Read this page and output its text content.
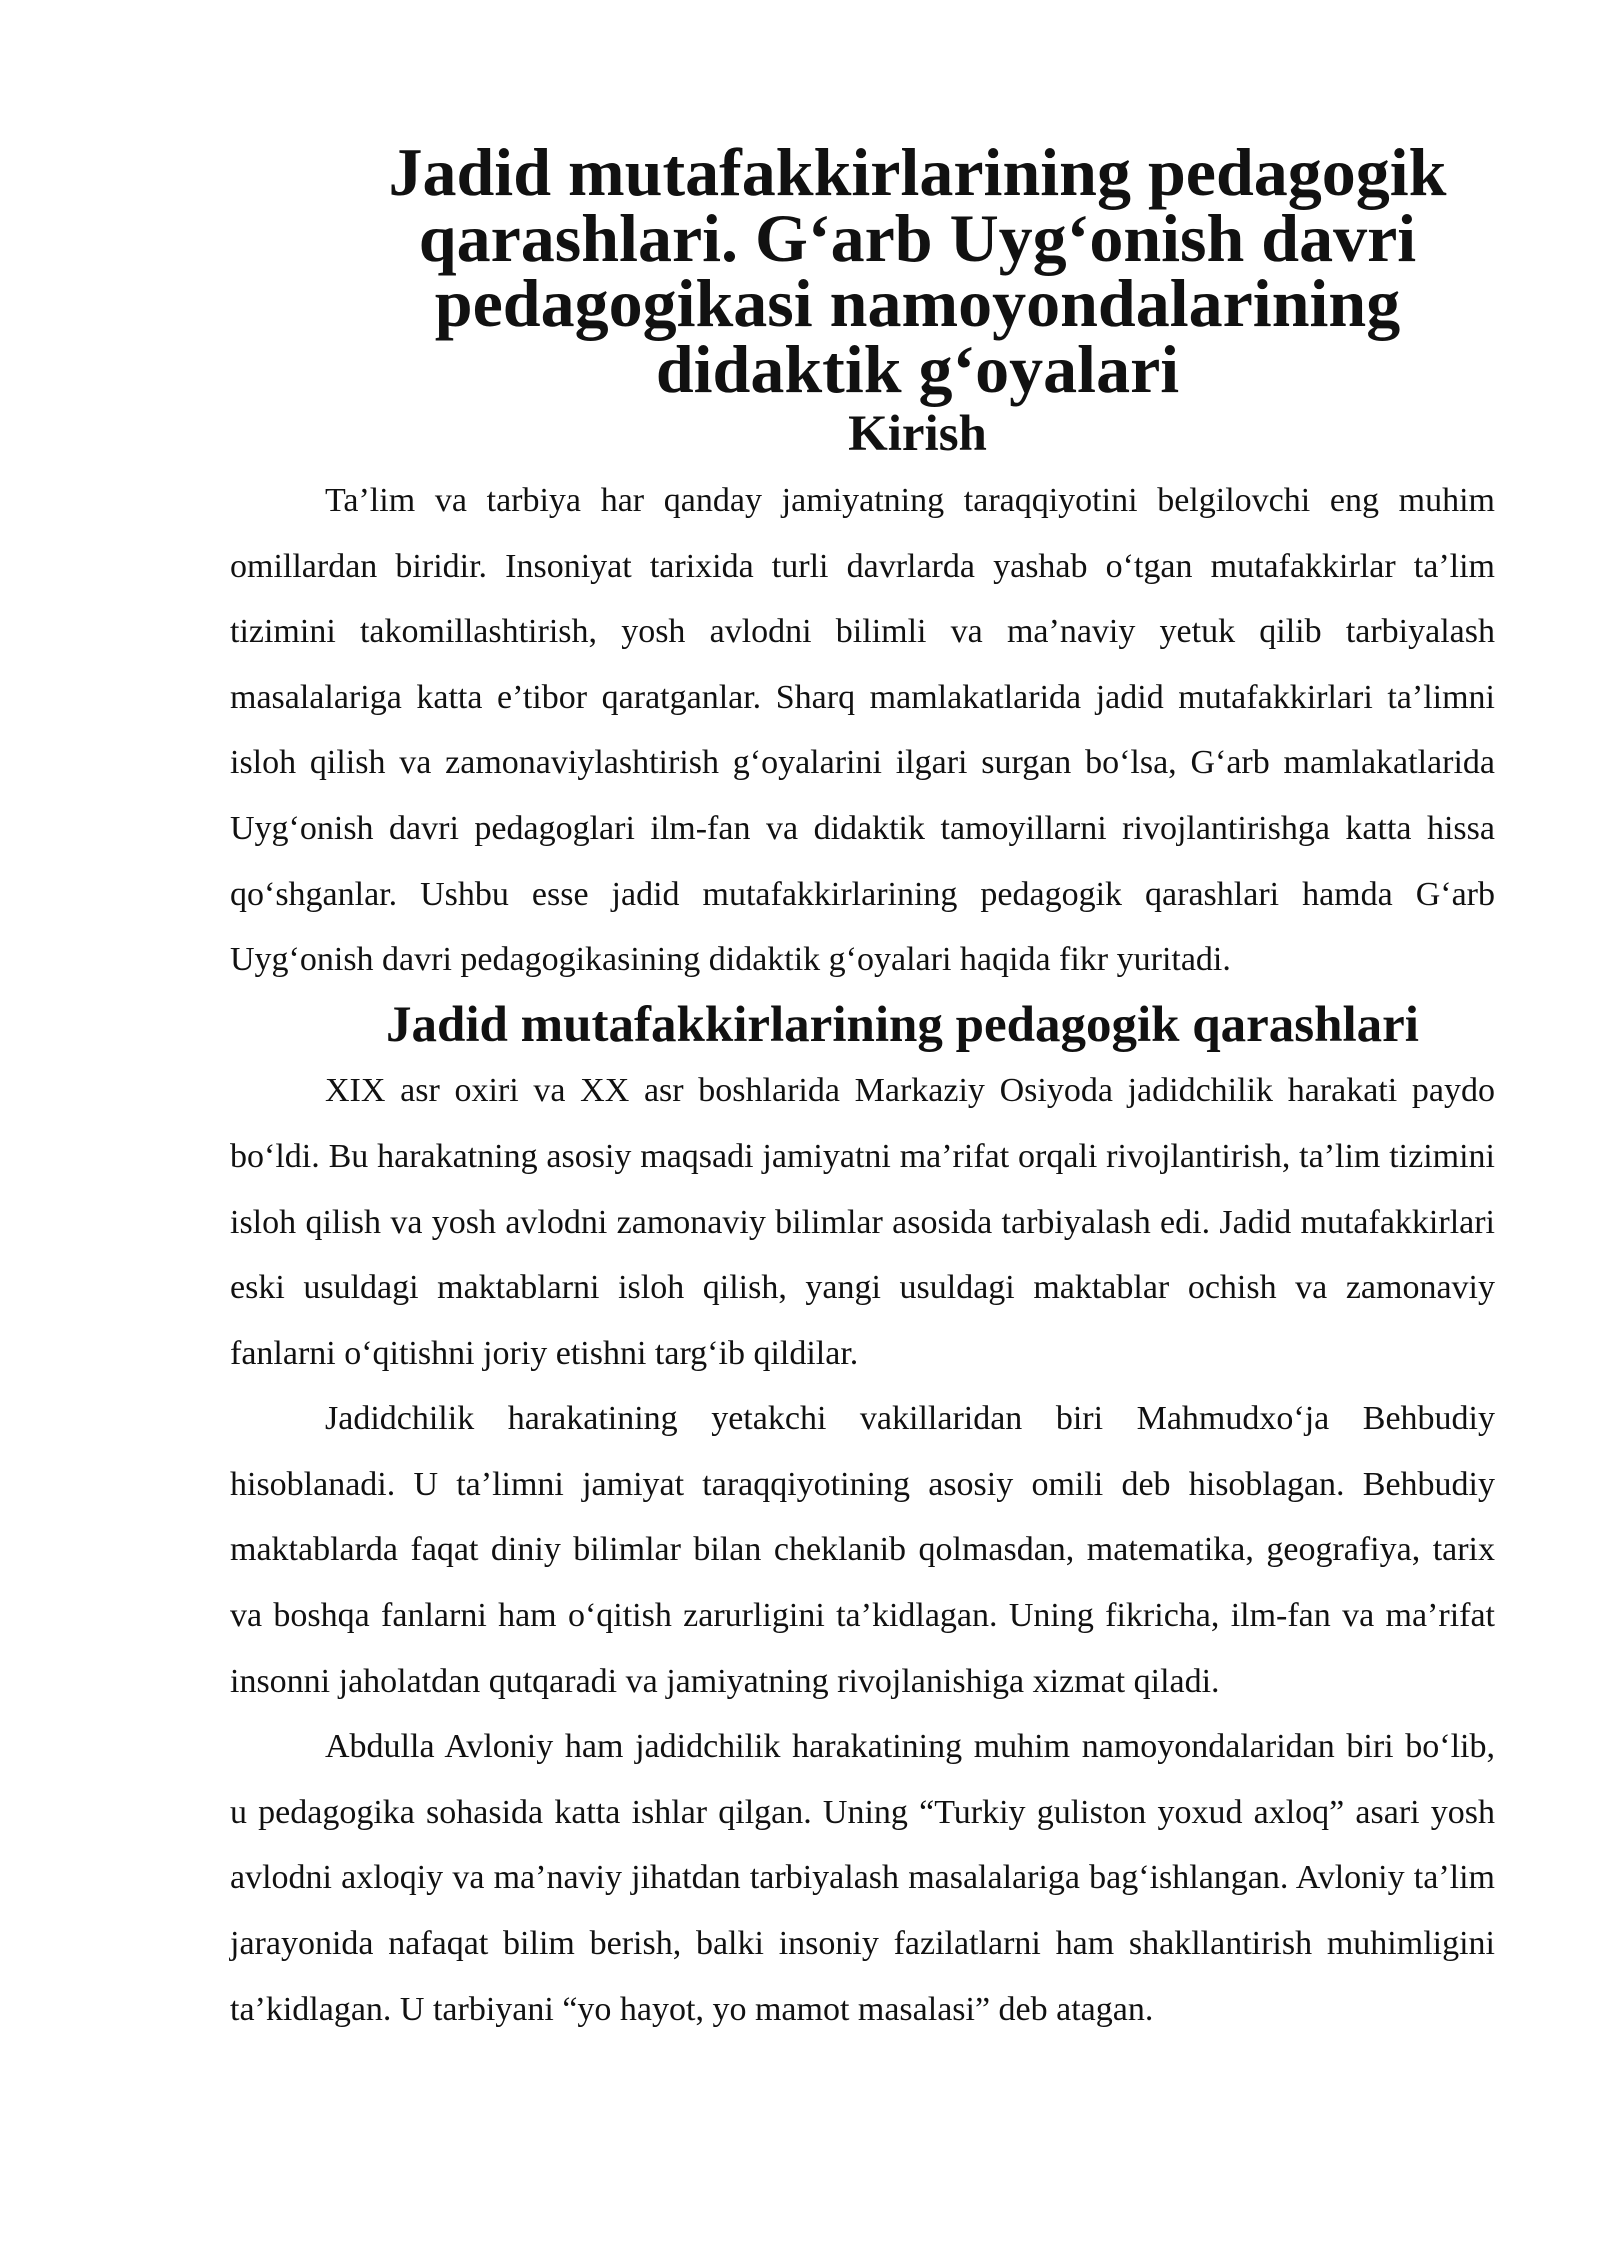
Jadid mutafakkirlarining pedagogik qarashlari. G‘arb Uyg‘onish davri
pedagogikasi namoyondalarining didaktik g‘oyalari
Kirish

Ta’lim va tarbiya har qanday jamiyatning taraqqiyotini belgilovchi eng muhim omillardan biridir. Insoniyat tarixida turli davrlarda yashab o‘tgan mutafakkirlar ta’lim tizimini takomillashtirish, yosh avlodni bilimli va ma’naviy yetuk qilib tarbiyalash masalalariga katta e’tibor qaratganlar. Sharq mamlakatlarida jadid mutafakkirlari ta’limni isloh qilish va zamonaviylashtirish g‘oyalarini ilgari surgan bo‘lsa, G‘arb mamlakatlarida Uyg‘onish davri pedagoglari ilm-fan va didaktik tamoyillarni rivojlantirishga katta hissa qo‘shganlar. Ushbu esse jadid mutafakkirlarining pedagogik qarashlari hamda G‘arb Uyg‘onish davri pedagogikasining didaktik g‘oyalari haqida fikr yuritadi.

Jadid mutafakkirlarining pedagogik qarashlari

XIX asr oxiri va XX asr boshlarida Markaziy Osiyoda jadidchilik harakati paydo bo‘ldi. Bu harakatning asosiy maqsadi jamiyatni ma’rifat orqali rivojlantirish, ta’lim tizimini isloh qilish va yosh avlodni zamonaviy bilimlar asosida tarbiyalash edi. Jadid mutafakkirlari eski usuldagi maktablarni isloh qilish, yangi usuldagi maktablar ochish va zamonaviy fanlarni o‘qitishni joriy etishni targ‘ib qildilar.

Jadidchilik harakatining yetakchi vakillaridan biri Mahmudxo‘ja Behbudiy hisoblanadi. U ta’limni jamiyat taraqqiyotining asosiy omili deb hisoblagan. Behbudiy maktablarda faqat diniy bilimlar bilan cheklanib qolmasdan, matematika, geografiya, tarix va boshqa fanlarni ham o‘qitish zarurligini ta’kidlagan. Uning fikricha, ilm-fan va ma’rifat insonni jaholatdan qutqaradi va jamiyatning rivojlanishiga xizmat qiladi.

Abdulla Avloniy ham jadidchilik harakatining muhim namoyondalaridan biri bo‘lib, u pedagogika sohasida katta ishlar qilgan. Uning “Turkiy guliston yoxud axloq” asari yosh avlodni axloqiy va ma’naviy jihatdan tarbiyalash masalalariga bag‘ishlangan. Avloniy ta’lim jarayonida nafaqat bilim berish, balki insoniy fazilatlarni ham shakllantirish muhimligini ta’kidlagan. U tarbiyani “yo hayot, yo mamot masalasi” deb atagan.
